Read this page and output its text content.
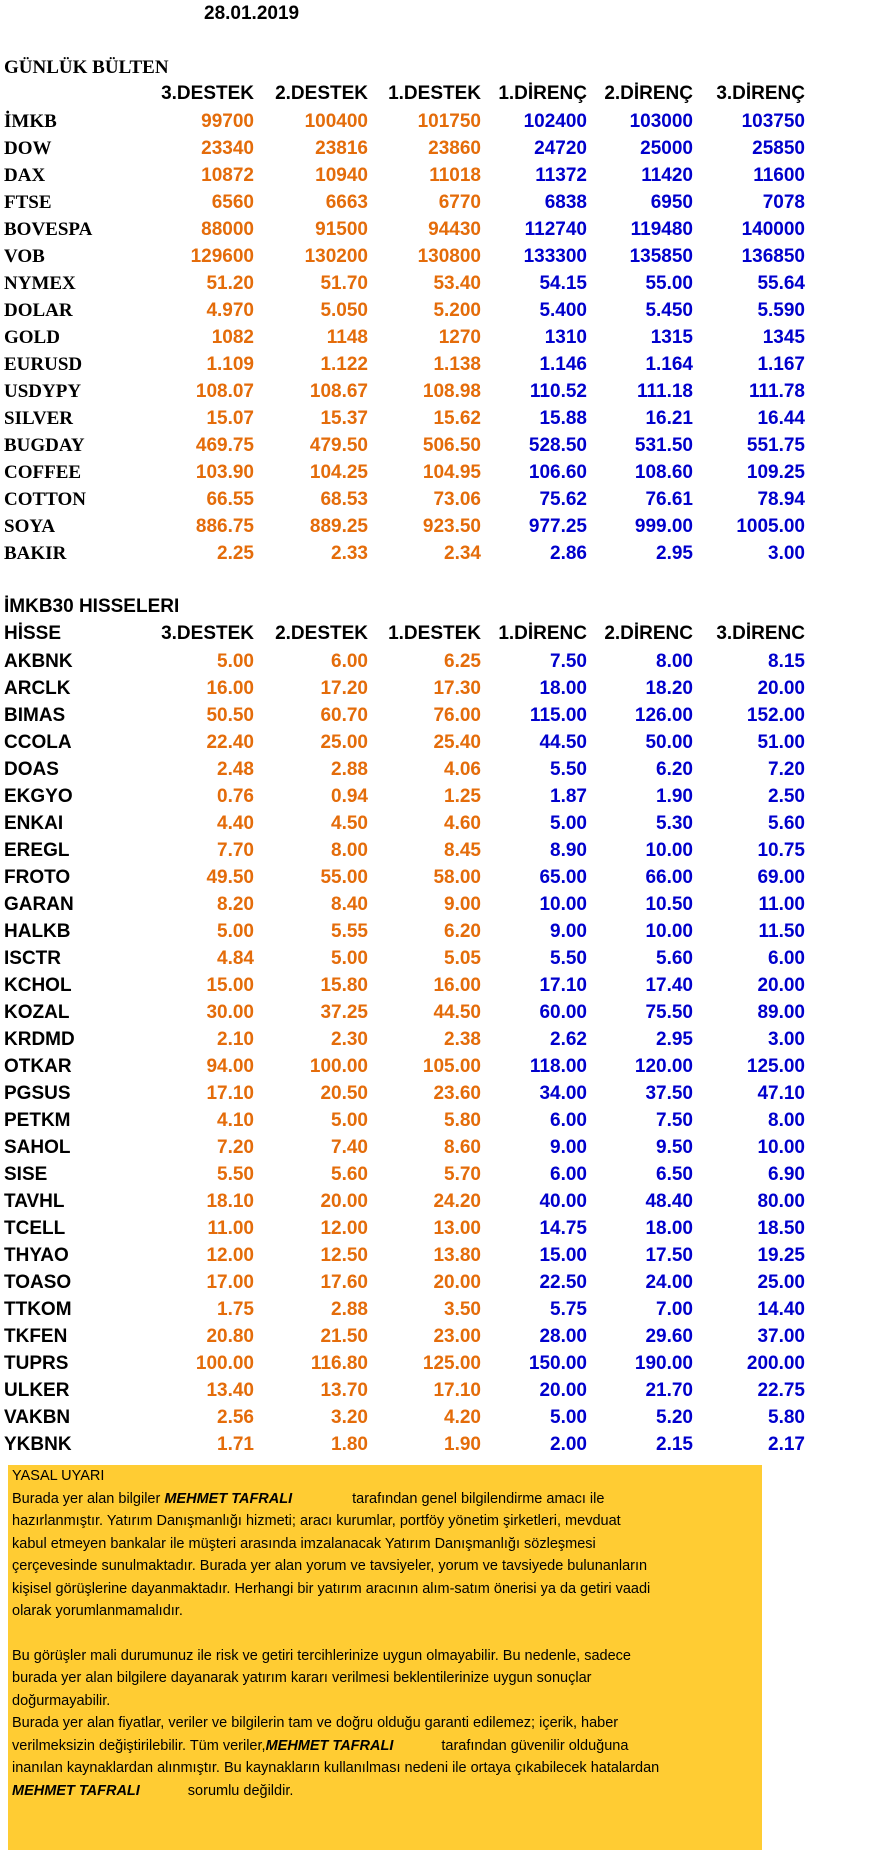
28.01.2019
GÜNLÜK BÜLTEN
3.DESTEK 2.DESTEK 1.DESTEK 1.DİRENÇ 2.DİRENÇ 3.DİRENÇ
İMKB	99700	100400	101750 102400 103000	103750
DOW	23340	23816	23860	24720	25000	25850
DAX	10872	10940	11018	11372	11420	11600
FTSE	6560	6663	6770	6838	6950	7078
BOVESPA	88000	91500	94430 112740 119480	140000
VOB	129600	130200	130800 133300 135850	136850
NYMEX	51.20	51.70	53.40	54.15	55.00	55.64
DOLAR	4.970	5.050	5.200	5.400	5.450	5.590
GOLD	1082	1148	1270	1310	1315	1345
EURUSD	1.109	1.122	1.138	1.146	1.164	1.167
USDYPY	108.07	108.67	108.98	110.52	111.18	111.78
SILVER	15.07	15.37	15.62	15.88	16.21	16.44
BUGDAY	469.75	479.50	506.50	528.50	531.50	551.75
COFFEE	103.90	104.25	104.95	106.60	108.60	109.25
COTTON	66.55	68.53	73.06	75.62	76.61	78.94
SOYA	886.75	889.25	923.50	977.25	999.00 1005.00
BAKIR	2.25	2.33	2.34	2.86	2.95	3.00
İMKB30 HISSELERI
HİSSE	3.DESTEK 2.DESTEK 1.DESTEK 1.DİRENC 2.DİRENC 3.DİRENC
AKBNK	5.00	6.00	6.25	7.50	8.00	8.15
ARCLK	16.00	17.20	17.30	18.00	18.20	20.00
BIMAS	50.50	60.70	76.00	115.00	126.00	152.00
CCOLA	22.40	25.00	25.40	44.50	50.00	51.00
DOAS	2.48	2.88	4.06	5.50	6.20	7.20
EKGYO	0.76	0.94	1.25	1.87	1.90	2.50
ENKAI	4.40	4.50	4.60	5.00	5.30	5.60
EREGL	7.70	8.00	8.45	8.90	10.00	10.75
FROTO	49.50	55.00	58.00	65.00	66.00	69.00
GARAN	8.20	8.40	9.00	10.00	10.50	11.00
HALKB	5.00	5.55	6.20	9.00	10.00	11.50
ISCTR	4.84	5.00	5.05	5.50	5.60	6.00
KCHOL	15.00	15.80	16.00	17.10	17.40	20.00
KOZAL	30.00	37.25	44.50	60.00	75.50	89.00
KRDMD	2.10	2.30	2.38	2.62	2.95	3.00
OTKAR	94.00	100.00	105.00	118.00	120.00	125.00
PGSUS	17.10	20.50	23.60	34.00	37.50	47.10
PETKM	4.10	5.00	5.80	6.00	7.50	8.00
SAHOL	7.20	7.40	8.60	9.00	9.50	10.00
SISE	5.50	5.60	5.70	6.00	6.50	6.90
TAVHL	18.10	20.00	24.20	40.00	48.40	80.00
TCELL	11.00	12.00	13.00	14.75	18.00	18.50
THYAO	12.00	12.50	13.80	15.00	17.50	19.25
TOASO	17.00	17.60	20.00	22.50	24.00	25.00
TTKOM	1.75	2.88	3.50	5.75	7.00	14.40
TKFEN	20.80	21.50	23.00	28.00	29.60	37.00
TUPRS	100.00	116.80	125.00	150.00	190.00	200.00
ULKER	13.40	13.70	17.10	20.00	21.70	22.75
VAKBN	2.56	3.20	4.20	5.00	5.20	5.80
YKBNK	1.71	1.80	1.90	2.00	2.15	2.17

YASAL UYARI

Burada yer alan bilgiler MEHMET TAFRALI	tarafından genel bilgilendirme amacı ile

hazırlanmıştır. Yatırım Danışmanlığı hizmeti; aracı kurumlar, portföy yönetim şirketleri, mevduat

kabul etmeyen bankalar ile müşteri arasında imzalanacak Yatırım Danışmanlığı sözleşmesi

çerçevesinde sunulmaktadır. Burada yer alan yorum ve tavsiyeler, yorum ve tavsiyede bulunanların

kişisel görüşlerine dayanmaktadır. Herhangi bir yatırım aracının alım-satım önerisi ya da getiri vaadi

olarak yorumlanmamalıdır.

Bu görüşler mali durumunuz ile risk ve getiri tercihlerinize uygun olmayabilir. Bu nedenle, sadece

burada yer alan bilgilere dayanarak yatırım kararı verilmesi beklentilerinize uygun sonuçlar

doğurmayabilir.

Burada yer alan fiyatlar, veriler ve bilgilerin tam ve doğru olduğu garanti edilemez; içerik, haber

verilmeksizin değiştirilebilir. Tüm veriler,MEHMET TAFRALI	tarafından güvenilir olduğuna

inanılan kaynaklardan alınmıştır. Bu kaynakların kullanılması nedeni ile ortaya çıkabilecek hatalardan

MEHMET TAFRALI	sorumlu değildir.
